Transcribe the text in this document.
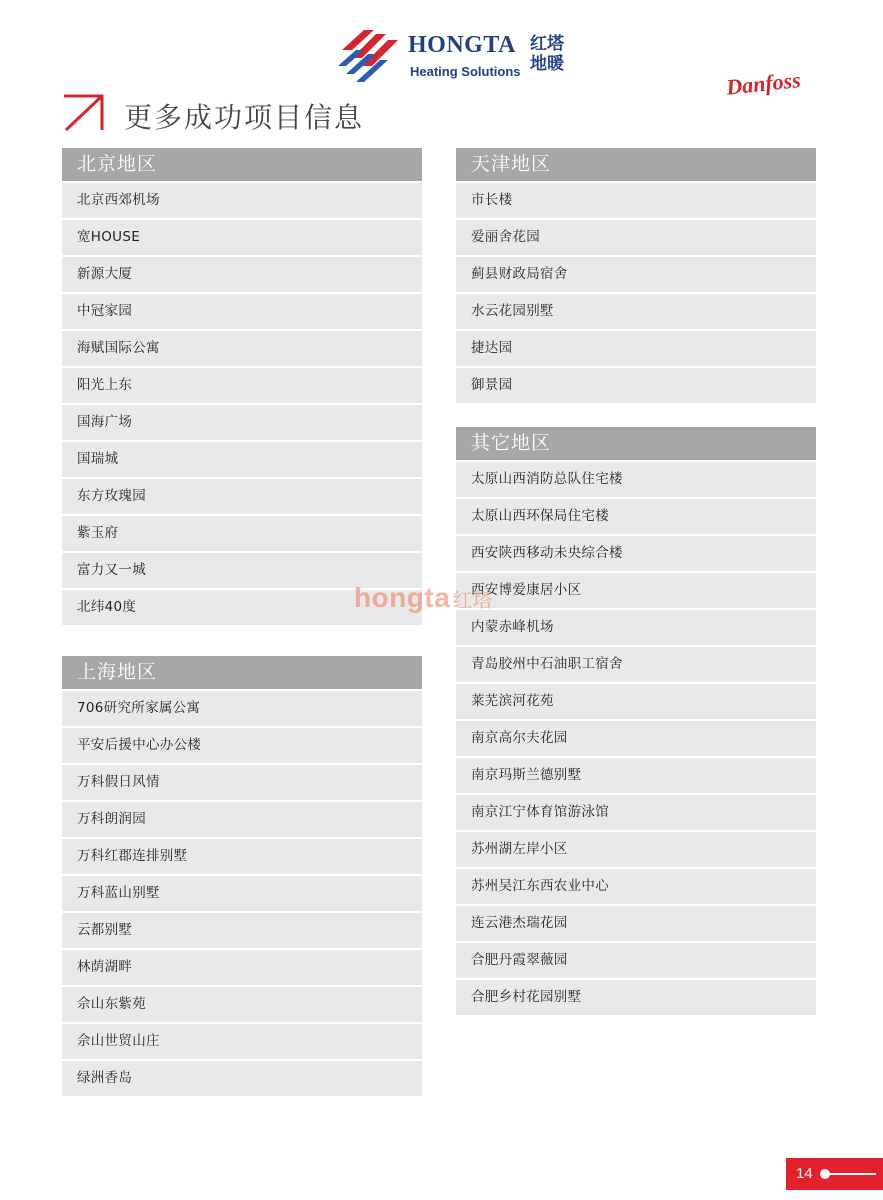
HONGTA
Heating Solutions
红塔地暖
Danfoss
更多成功项目信息
北京地区
北京西郊机场
宽HOUSE
新源大厦
中冠家园
海赋国际公寓
阳光上东
国海广场
国瑞城
东方玫瑰园
紫玉府
富力又一城
北纬40度
上海地区
706研究所家属公寓
平安后援中心办公楼
万科假日风情
万科朗润园
万科红郡连排别墅
万科蓝山别墅
云都别墅
林荫湖畔
佘山东紫苑
佘山世贸山庄
绿洲香岛
天津地区
市长楼
爱丽舍花园
蓟县财政局宿舍
水云花园别墅
捷达园
御景园
其它地区
太原山西消防总队住宅楼
太原山西环保局住宅楼
西安陕西移动未央综合楼
西安博爱康居小区
内蒙赤峰机场
青岛胶州中石油职工宿舍
莱芜滨河花苑
南京高尔夫花园
南京玛斯兰德别墅
南京江宁体育馆游泳馆
苏州湖左岸小区
苏州吴江东西农业中心
连云港杰瑞花园
合肥丹霞翠薇园
合肥乡村花园别墅
hongta 红塔
14
